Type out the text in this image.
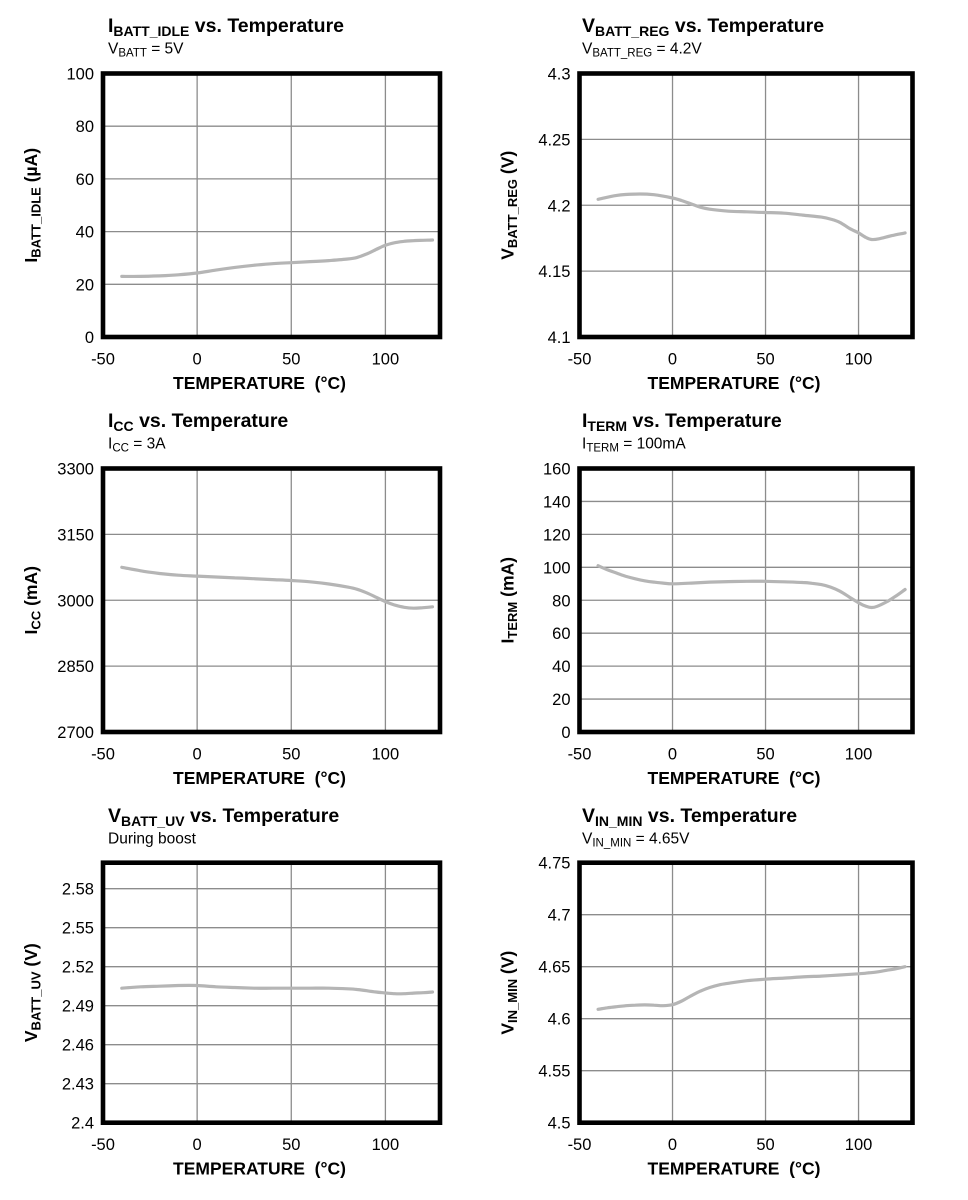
$I_{BATT\_IDLE}$ vs. Temperature
VBATT = 5V
0
20
40
60
80
100
-50	0	50	100
TEMPERATURE  (°C)
$I_{BATT\_IDLE}$ (µA)
$V_{BATT\_REG}$ vs. Temperature
VBATT_REG = 4.2V
4.1
4.15
4.2
4.25
4.3
-50	0	50	100
TEMPERATURE  (°C)
$V_{BATT\_REG}$ (V)
$I_{CC}$ vs. Temperature
ICC = 3A
2700
2850
3000
3150
3300
-50	0	50	100
TEMPERATURE  (°C)
$I_{CC}$ (mA)
$I_{TERM}$ vs. Temperature
ITERM = 100mA
0
20
40
60
80
100
120
140
160
-50	0	50	100
TEMPERATURE  (°C)
$I_{TERM}$ (mA)
$V_{BATT\_UV}$ vs. Temperature
During boost
2.4
2.43
2.46
2.49
2.52
2.55
2.58
-50	0	50	100
TEMPERATURE  (°C)
$V_{BATT\_UV}$ (V)
$V_{IN\_MIN}$ vs. Temperature
VIN_MIN = 4.65V
4.5
4.55
4.6
4.65
4.7
4.75
-50	0	50	100
TEMPERATURE  (°C)
$V_{IN\_MIN}$ (V)
